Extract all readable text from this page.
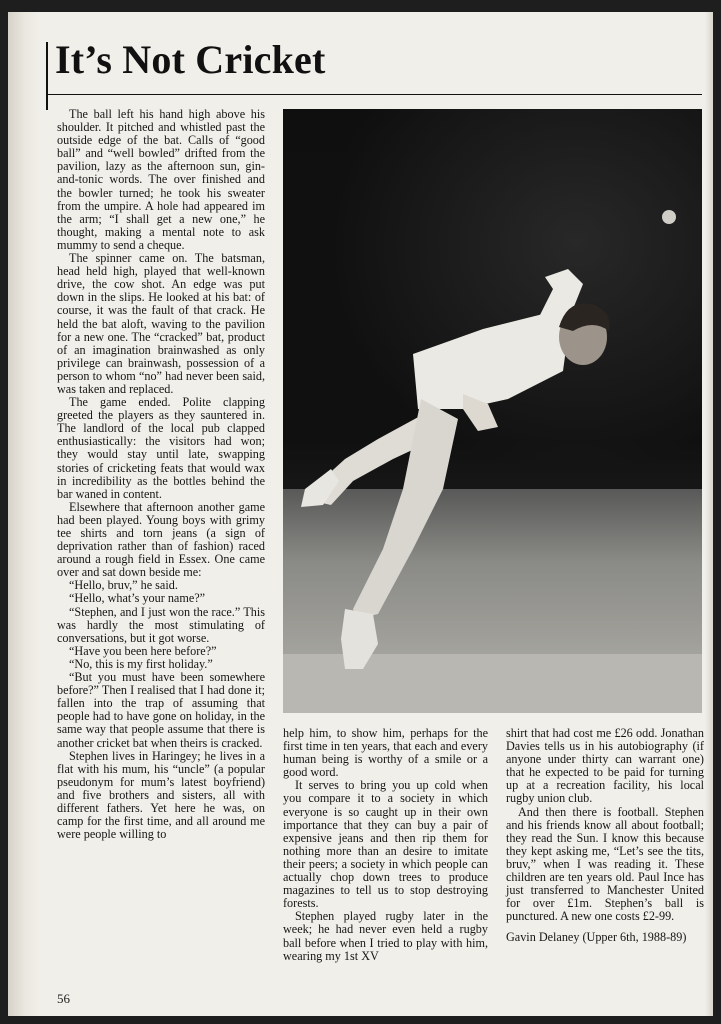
It’s Not Cricket

The ball left his hand high above his shoulder. It pitched and whistled past the outside edge of the bat. Calls of “good ball” and “well bowled” drifted from the pavilion, lazy as the afternoon sun, gin-and-tonic words. The over finished and the bowler turned; he took his sweater from the umpire. A hole had appeared im the arm; “I shall get a new one,” he thought, making a mental note to ask mummy to send a cheque.

The spinner came on. The batsman, head held high, played that well-known drive, the cow shot. An edge was put down in the slips. He looked at his bat: of course, it was the fault of that crack. He held the bat aloft, waving to the pavilion for a new one. The “cracked” bat, product of an imagination brainwashed as only privilege can brainwash, possession of a person to whom “no” had never been said, was taken and replaced.

The game ended. Polite clapping greeted the players as they sauntered in. The landlord of the local pub clapped enthusiastically: the visitors had won; they would stay until late, swapping stories of cricketing feats that would wax in incredibility as the bottles behind the bar waned in content.

Elsewhere that afternoon another game had been played. Young boys with grimy tee shirts and torn jeans (a sign of deprivation rather than of fashion) raced around a rough field in Essex. One came over and sat down beside me:

“Hello, bruv,” he said.

“Hello, what’s your name?”

“Stephen, and I just won the race.” This was hardly the most stimulating of conversations, but it got worse.

“Have you been here before?”

“No, this is my first holiday.”

“But you must have been somewhere before?” Then I realised that I had done it; fallen into the trap of assuming that people had to have gone on holiday, in the same way that people assume that there is another cricket bat when theirs is cracked.

Stephen lives in Haringey; he lives in a flat with his mum, his “uncle” (a popular pseudonym for mum’s latest boyfriend) and five brothers and sisters, all with different fathers. Yet here he was, on camp for the first time, and all around me were people willing to

help him, to show him, perhaps for the first time in ten years, that each and every human being is worthy of a smile or a good word.

It serves to bring you up cold when you compare it to a society in which everyone is so caught up in their own importance that they can buy a pair of expensive jeans and then rip them for nothing more than an desire to imitate their peers; a society in which people can actually chop down trees to produce magazines to tell us to stop destroying forests.

Stephen played rugby later in the week; he had never even held a rugby ball before when I tried to play with him, wearing my 1st XV

shirt that had cost me £26 odd. Jonathan Davies tells us in his autobiography (if anyone under thirty can warrant one) that he expected to be paid for turning up at a recreation facility, his local rugby union club.

And then there is football. Stephen and his friends know all about football; they read the Sun. I know this because they kept asking me, “Let’s see the tits, bruv,” when I was reading it. These children are ten years old. Paul Ince has just transferred to Manchester United for over £1m. Stephen’s ball is punctured. A new one costs £2-99.

Gavin Delaney (Upper 6th, 1988-89)

56
